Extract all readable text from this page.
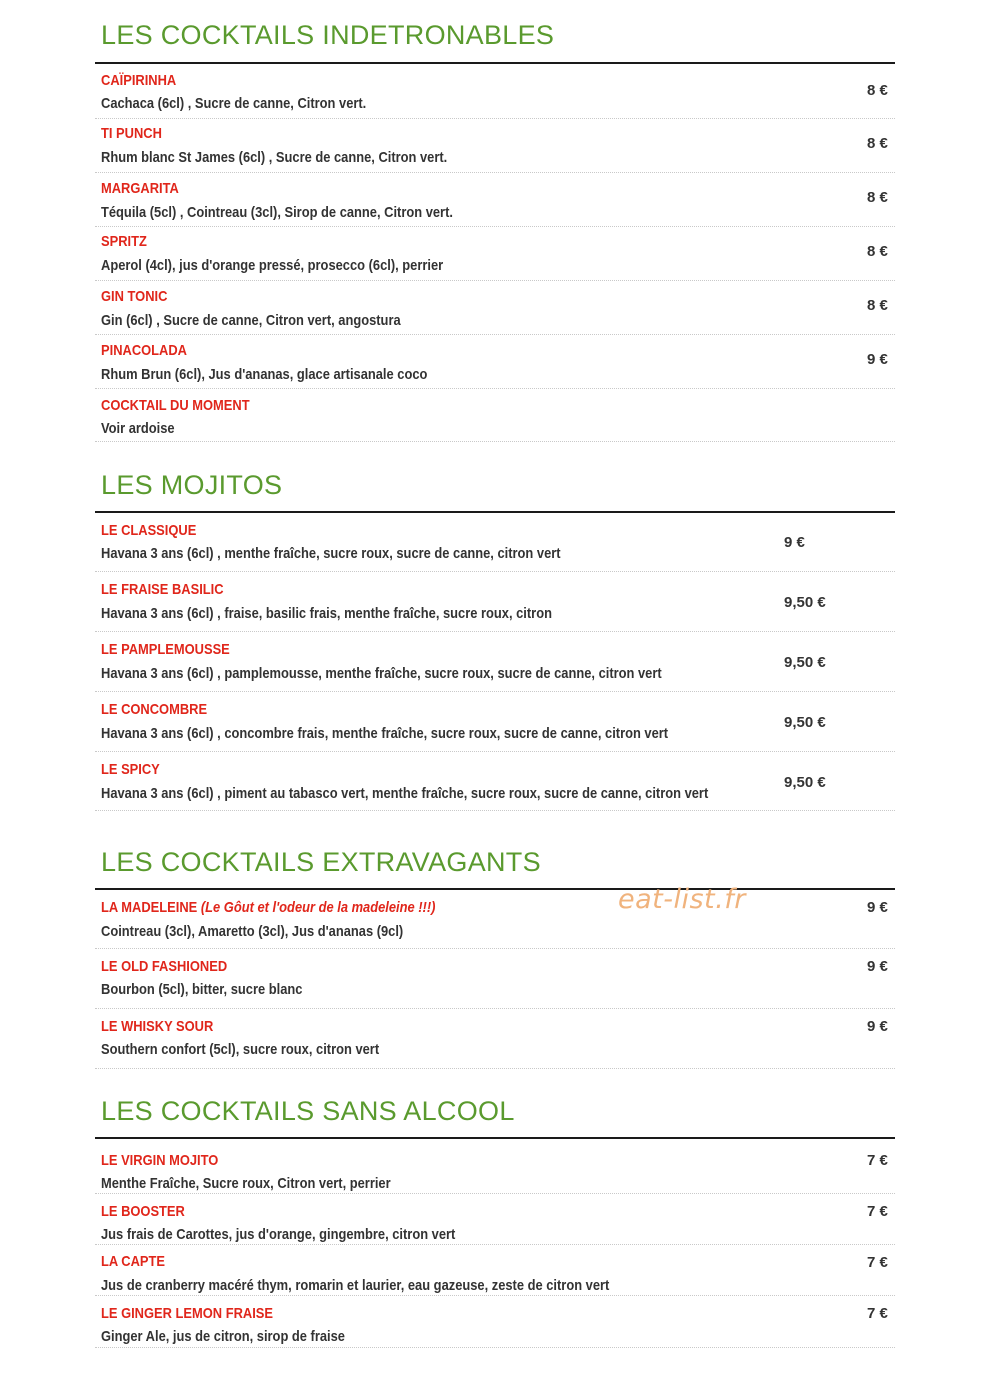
LES COCKTAILS INDETRONABLES
CAÏPIRINHA
Cachaca (6cl) , Sucre de canne, Citron vert.
8 €
TI PUNCH
Rhum blanc St James (6cl) , Sucre de canne, Citron vert.
8 €
MARGARITA
Téquila (5cl) , Cointreau (3cl), Sirop de canne, Citron vert.
8 €
SPRITZ
Aperol (4cl), jus d'orange pressé, prosecco (6cl), perrier
8 €
GIN TONIC
Gin (6cl) , Sucre de canne, Citron vert, angostura
8 €
PINACOLADA
Rhum Brun (6cl), Jus d'ananas, glace artisanale coco
9 €
COCKTAIL DU MOMENT
Voir ardoise
LES MOJITOS
LE CLASSIQUE
Havana 3 ans (6cl) , menthe fraîche, sucre roux, sucre de canne, citron vert
9 €
LE FRAISE BASILIC
Havana 3 ans (6cl) , fraise, basilic frais, menthe fraîche, sucre roux, citron
9,50 €
LE PAMPLEMOUSSE
Havana 3 ans (6cl) , pamplemousse, menthe fraîche, sucre roux, sucre de canne, citron vert
9,50 €
LE CONCOMBRE
Havana 3 ans (6cl) , concombre frais, menthe fraîche, sucre roux, sucre de canne, citron vert
9,50 €
LE SPICY
Havana 3 ans (6cl) , piment au tabasco vert, menthe fraîche, sucre roux, sucre de canne, citron vert
9,50 €
LES COCKTAILS EXTRAVAGANTS
LA MADELEINE (Le Gôut et l'odeur de la madeleine !!!)
Cointreau (3cl), Amaretto (3cl), Jus d'ananas (9cl)
9 €
LE OLD FASHIONED
Bourbon (5cl), bitter, sucre blanc
9 €
LE WHISKY SOUR
Southern confort (5cl), sucre roux, citron vert
9 €
LES COCKTAILS SANS ALCOOL
LE VIRGIN MOJITO
Menthe Fraîche, Sucre roux, Citron vert, perrier
7 €
LE BOOSTER
Jus frais de Carottes, jus d'orange, gingembre, citron vert
7 €
LA CAPTE
Jus de cranberry macéré thym, romarin et laurier, eau gazeuse, zeste de citron vert
7 €
LE GINGER LEMON FRAISE
Ginger Ale, jus de citron, sirop de fraise
7 €
eat-list.fr
